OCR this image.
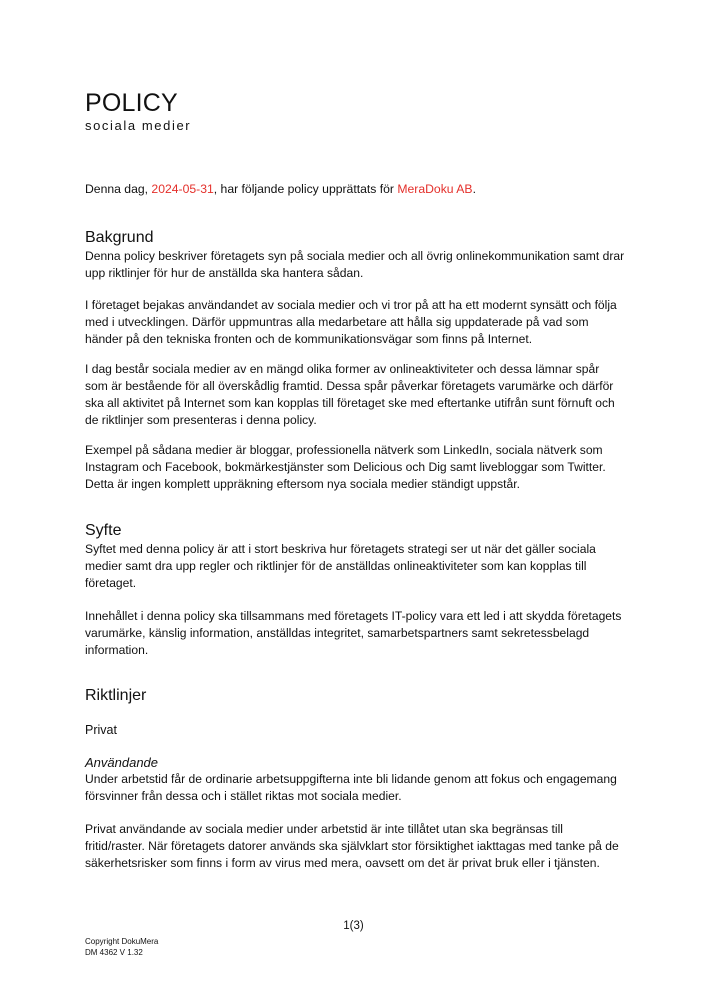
POLICY
sociala medier

Denna dag, 2024-05-31, har följande policy upprättats för MeraDoku AB.

Bakgrund

Denna policy beskriver företagets syn på sociala medier och all övrig onlinekommunikation samt drar upp riktlinjer för hur de anställda ska hantera sådan.

I företaget bejakas användandet av sociala medier och vi tror på att ha ett modernt synsätt och följa med i utvecklingen. Därför uppmuntras alla medarbetare att hålla sig uppdaterade på vad som händer på den tekniska fronten och de kommunikationsvägar som finns på Internet.

I dag består sociala medier av en mängd olika former av onlineaktiviteter och dessa lämnar spår som är bestående för all överskådlig framtid. Dessa spår påverkar företagets varumärke och därför ska all aktivitet på Internet som kan kopplas till företaget ske med eftertanke utifrån sunt förnuft och de riktlinjer som presenteras i denna policy.

Exempel på sådana medier är bloggar, professionella nätverk som LinkedIn, sociala nätverk som Instagram och Facebook, bokmärkestjänster som Delicious och Dig samt livebloggar som Twitter. Detta är ingen komplett uppräkning eftersom nya sociala medier ständigt uppstår.

Syfte

Syftet med denna policy är att i stort beskriva hur företagets strategi ser ut när det gäller sociala medier samt dra upp regler och riktlinjer för de anställdas onlineaktiviteter som kan kopplas till företaget.

Innehållet i denna policy ska tillsammans med företagets IT-policy vara ett led i att skydda företagets varumärke, känslig information, anställdas integritet, samarbetspartners samt sekretessbelagd information.

Riktlinjer
Privat
Användande

Under arbetstid får de ordinarie arbetsuppgifterna inte bli lidande genom att fokus och engagemang försvinner från dessa och i stället riktas mot sociala medier.

Privat användande av sociala medier under arbetstid är inte tillåtet utan ska begränsas till fritid/raster. När företagets datorer används ska självklart stor försiktighet iakttagas med tanke på de säkerhetsrisker som finns i form av virus med mera, oavsett om det är privat bruk eller i tjänsten.

1(3)
Copyright DokuMera
DM 4362 V 1.32
